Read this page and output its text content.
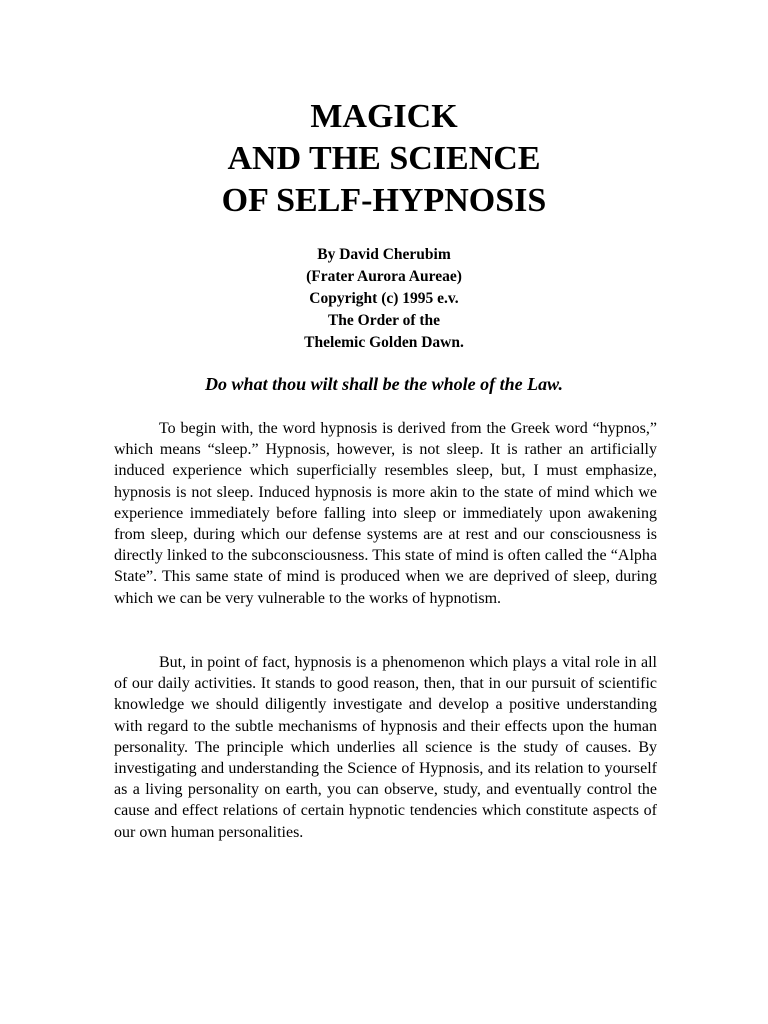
MAGICK
AND THE SCIENCE
OF SELF-HYPNOSIS
By David Cherubim
(Frater Aurora Aureae)
Copyright (c) 1995 e.v.
The Order of the
Thelemic Golden Dawn.
Do what thou wilt shall be the whole of the Law.

To begin with, the word hypnosis is derived from the Greek word “hypnos,” which means “sleep.” Hypnosis, however, is not sleep. It is rather an artificially induced experience which superficially resembles sleep, but, I must emphasize, hypnosis is not sleep. Induced hypnosis is more akin to the state of mind which we experience immediately before falling into sleep or immediately upon awakening from sleep, during which our defense systems are at rest and our consciousness is directly linked to the subconsciousness. This state of mind is often called the “Alpha State”. This same state of mind is produced when we are deprived of sleep, during which we can be very vulnerable to the works of hypnotism.

But, in point of fact, hypnosis is a phenomenon which plays a vital role in all of our daily activities. It stands to good reason, then, that in our pursuit of scientific knowledge we should diligently investigate and develop a positive understanding with regard to the subtle mechanisms of hypnosis and their effects upon the human personality. The principle which underlies all science is the study of causes. By investigating and understanding the Science of Hypnosis, and its relation to yourself as a living personality on earth, you can observe, study, and eventually control the cause and effect relations of certain hypnotic tendencies which constitute aspects of our own human personalities.
